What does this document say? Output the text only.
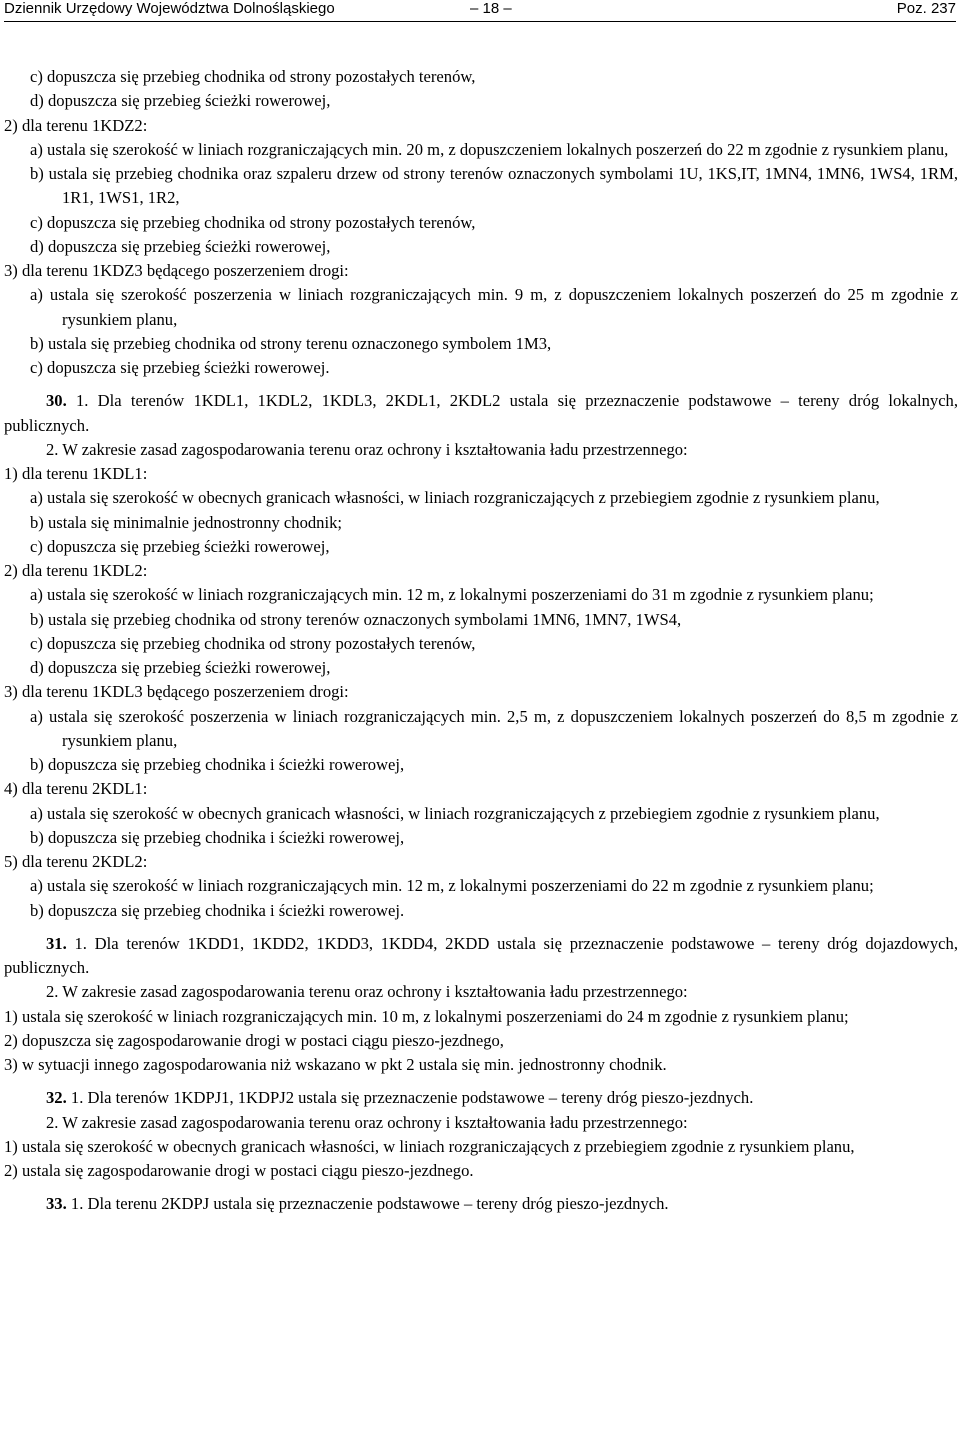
Dziennik Urzędowy Województwa Dolnośląskiego	– 18 –	Poz. 237
c) dopuszcza się przebieg chodnika od strony pozostałych terenów,
d) dopuszcza się przebieg ścieżki rowerowej,
2) dla terenu 1KDZ2:
a) ustala się szerokość w liniach rozgraniczających min. 20 m, z dopuszczeniem lokalnych poszerzeń do 22 m zgodnie z rysunkiem planu,
b) ustala się przebieg chodnika oraz szpaleru drzew od strony terenów oznaczonych symbolami 1U, 1KS,IT, 1MN4, 1MN6, 1WS4, 1RM, 1R1, 1WS1, 1R2,
c) dopuszcza się przebieg chodnika od strony pozostałych terenów,
d) dopuszcza się przebieg ścieżki rowerowej,
3) dla terenu 1KDZ3 będącego poszerzeniem drogi:
a) ustala się szerokość poszerzenia w liniach rozgraniczających min. 9 m, z dopuszczeniem lokalnych poszerzeń do 25 m zgodnie z rysunkiem planu,
b) ustala się przebieg chodnika od strony terenu oznaczonego symbolem 1M3,
c) dopuszcza się przebieg ścieżki rowerowej.
30. 1. Dla terenów 1KDL1, 1KDL2, 1KDL3, 2KDL1, 2KDL2 ustala się przeznaczenie podstawowe – tereny dróg lokalnych, publicznych.
2. W zakresie zasad zagospodarowania terenu oraz ochrony i kształtowania ładu przestrzennego:
1) dla terenu 1KDL1:
a) ustala się szerokość w obecnych granicach własności, w liniach rozgraniczających z przebiegiem zgodnie z rysunkiem planu,
b) ustala się minimalnie jednostronny chodnik;
c) dopuszcza się przebieg ścieżki rowerowej,
2) dla terenu 1KDL2:
a) ustala się szerokość w liniach rozgraniczających min. 12 m, z lokalnymi poszerzeniami do 31 m zgodnie z rysunkiem planu;
b) ustala się przebieg chodnika od strony terenów oznaczonych symbolami 1MN6, 1MN7, 1WS4,
c) dopuszcza się przebieg chodnika od strony pozostałych terenów,
d) dopuszcza się przebieg ścieżki rowerowej,
3) dla terenu 1KDL3 będącego poszerzeniem drogi:
a) ustala się szerokość poszerzenia w liniach rozgraniczających min. 2,5 m, z dopuszczeniem lokalnych poszerzeń do 8,5 m zgodnie z rysunkiem planu,
b) dopuszcza się przebieg chodnika i ścieżki rowerowej,
4) dla terenu 2KDL1:
a) ustala się szerokość w obecnych granicach własności, w liniach rozgraniczających z przebiegiem zgodnie z rysunkiem planu,
b) dopuszcza się przebieg chodnika i ścieżki rowerowej,
5) dla terenu 2KDL2:
a) ustala się szerokość w liniach rozgraniczających min. 12 m, z lokalnymi poszerzeniami do 22 m zgodnie z rysunkiem planu;
b) dopuszcza się przebieg chodnika i ścieżki rowerowej.
31. 1. Dla terenów 1KDD1, 1KDD2, 1KDD3, 1KDD4, 2KDD ustala się przeznaczenie podstawowe – tereny dróg dojazdowych, publicznych.
2. W zakresie zasad zagospodarowania terenu oraz ochrony i kształtowania ładu przestrzennego:
1) ustala się szerokość w liniach rozgraniczających min. 10 m, z lokalnymi poszerzeniami do 24 m zgodnie z rysunkiem planu;
2) dopuszcza się zagospodarowanie drogi w postaci ciągu pieszo-jezdnego,
3) w sytuacji innego zagospodarowania niż wskazano w pkt 2 ustala się min. jednostronny chodnik.
32. 1. Dla terenów 1KDPJ1, 1KDPJ2 ustala się przeznaczenie podstawowe – tereny dróg pieszo-jezdnych.
2. W zakresie zasad zagospodarowania terenu oraz ochrony i kształtowania ładu przestrzennego:
1) ustala się szerokość w obecnych granicach własności, w liniach rozgraniczających z przebiegiem zgodnie z rysunkiem planu,
2) ustala się zagospodarowanie drogi w postaci ciągu pieszo-jezdnego.
33. 1. Dla terenu 2KDPJ ustala się przeznaczenie podstawowe – tereny dróg pieszo-jezdnych.
